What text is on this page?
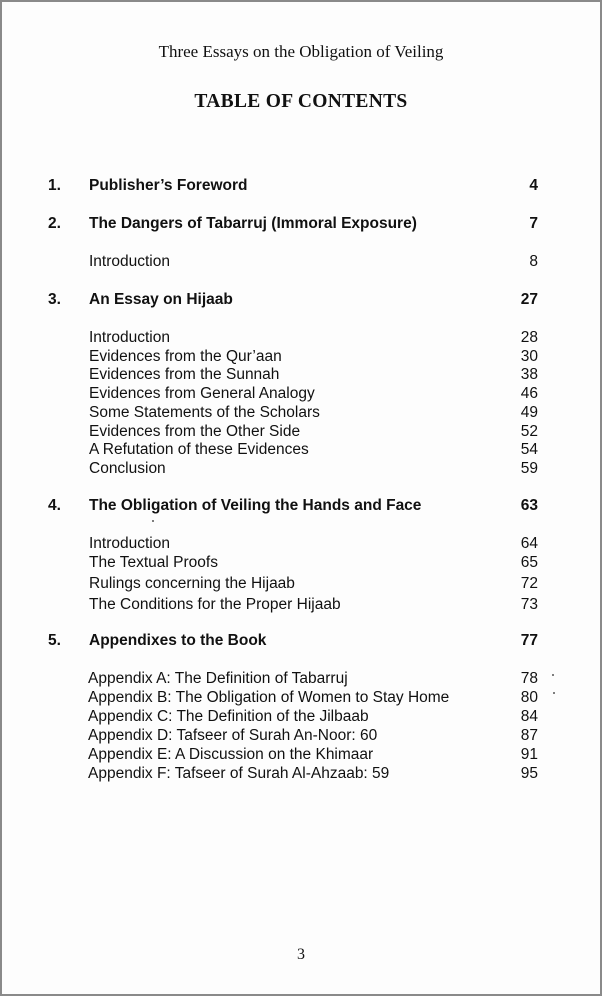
Three Essays on the Obligation of Veiling
TABLE OF CONTENTS
1. Publisher’s Foreword	4
2. The Dangers of Tabarruj (Immoral Exposure)	7
Introduction	8
3. An Essay on Hijaab	27
Introduction	28
Evidences from the Qur’aan	30
Evidences from the Sunnah	38
Evidences from General Analogy	46
Some Statements of the Scholars	49
Evidences from the Other Side	52
A Refutation of these Evidences	54
Conclusion	59
4. The Obligation of Veiling the Hands and Face	63
Introduction	64
The Textual Proofs	65
Rulings concerning the Hijaab	72
The Conditions for the Proper Hijaab	73
5. Appendixes to the Book	77
Appendix A: The Definition of Tabarruj	78
Appendix B: The Obligation of Women to Stay Home	80
Appendix C: The Definition of the Jilbaab	84
Appendix D: Tafseer of Surah An-Noor: 60	87
Appendix E: A Discussion on the Khimaar	91
Appendix F: Tafseer of Surah Al-Ahzaab: 59	95
3
